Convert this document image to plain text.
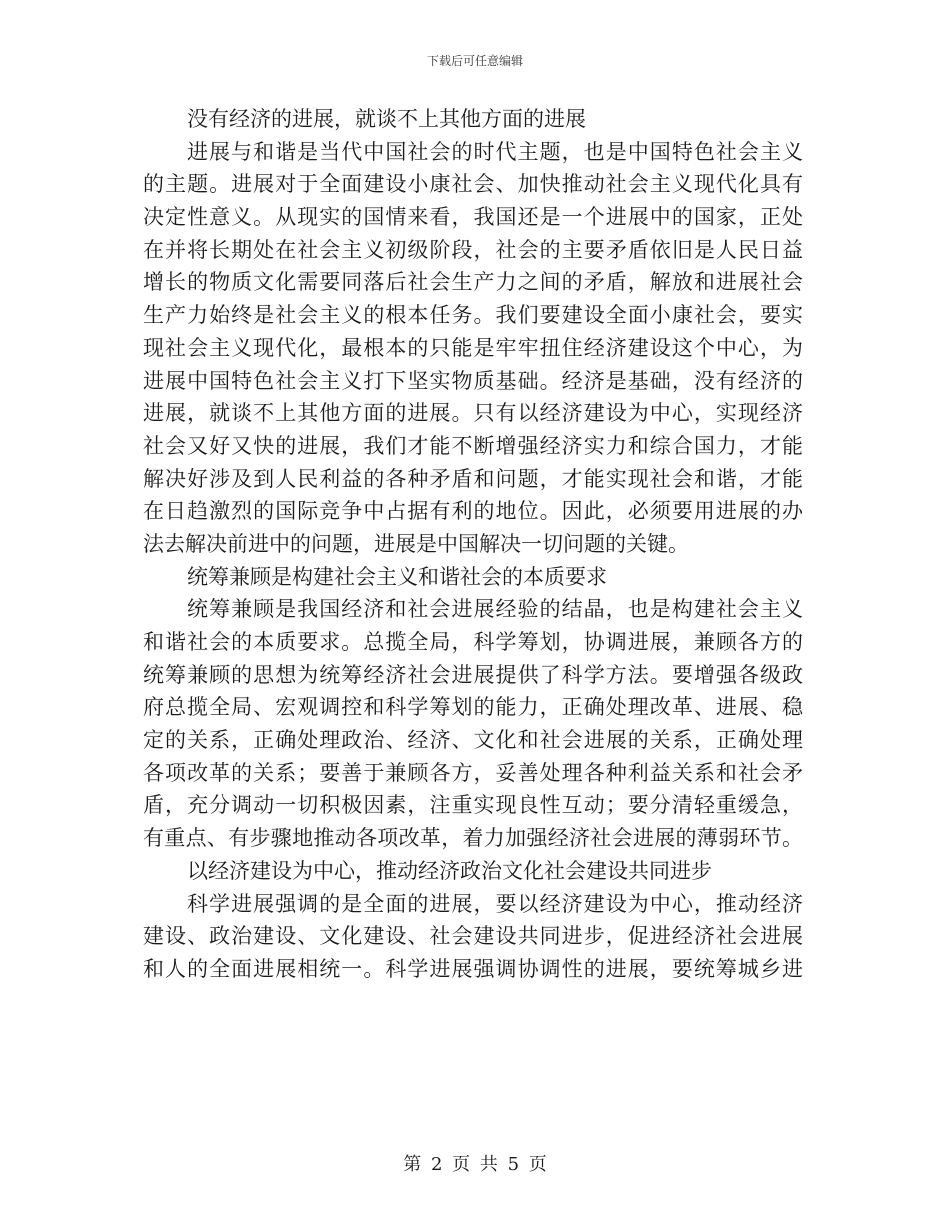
下载后可任意编辑
没有经济的进展，就谈不上其他方面的进展
进展与和谐是当代中国社会的时代主题，也是中国特色社会主义
的主题。进展对于全面建设小康社会、加快推动社会主义现代化具有
决定性意义。从现实的国情来看，我国还是一个进展中的国家，正处
在并将长期处在社会主义初级阶段，社会的主要矛盾依旧是人民日益
增长的物质文化需要同落后社会生产力之间的矛盾，解放和进展社会
生产力始终是社会主义的根本任务。我们要建设全面小康社会，要实
现社会主义现代化，最根本的只能是牢牢扭住经济建设这个中心，为
进展中国特色社会主义打下坚实物质基础。经济是基础，没有经济的
进展，就谈不上其他方面的进展。只有以经济建设为中心，实现经济
社会又好又快的进展，我们才能不断增强经济实力和综合国力，才能
解决好涉及到人民利益的各种矛盾和问题，才能实现社会和谐，才能
在日趋激烈的国际竞争中占据有利的地位。因此，必须要用进展的办
法去解决前进中的问题，进展是中国解决一切问题的关键。
统筹兼顾是构建社会主义和谐社会的本质要求
统筹兼顾是我国经济和社会进展经验的结晶，也是构建社会主义
和谐社会的本质要求。总揽全局，科学筹划，协调进展，兼顾各方的
统筹兼顾的思想为统筹经济社会进展提供了科学方法。要增强各级政
府总揽全局、宏观调控和科学筹划的能力，正确处理改革、进展、稳
定的关系，正确处理政治、经济、文化和社会进展的关系，正确处理
各项改革的关系；要善于兼顾各方，妥善处理各种利益关系和社会矛
盾，充分调动一切积极因素，注重实现良性互动；要分清轻重缓急，
有重点、有步骤地推动各项改革，着力加强经济社会进展的薄弱环节。
以经济建设为中心，推动经济政治文化社会建设共同进步
科学进展强调的是全面的进展，要以经济建设为中心，推动经济
建设、政治建设、文化建设、社会建设共同进步，促进经济社会进展
和人的全面进展相统一。科学进展强调协调性的进展，要统筹城乡进
第 2 页 共 5 页
